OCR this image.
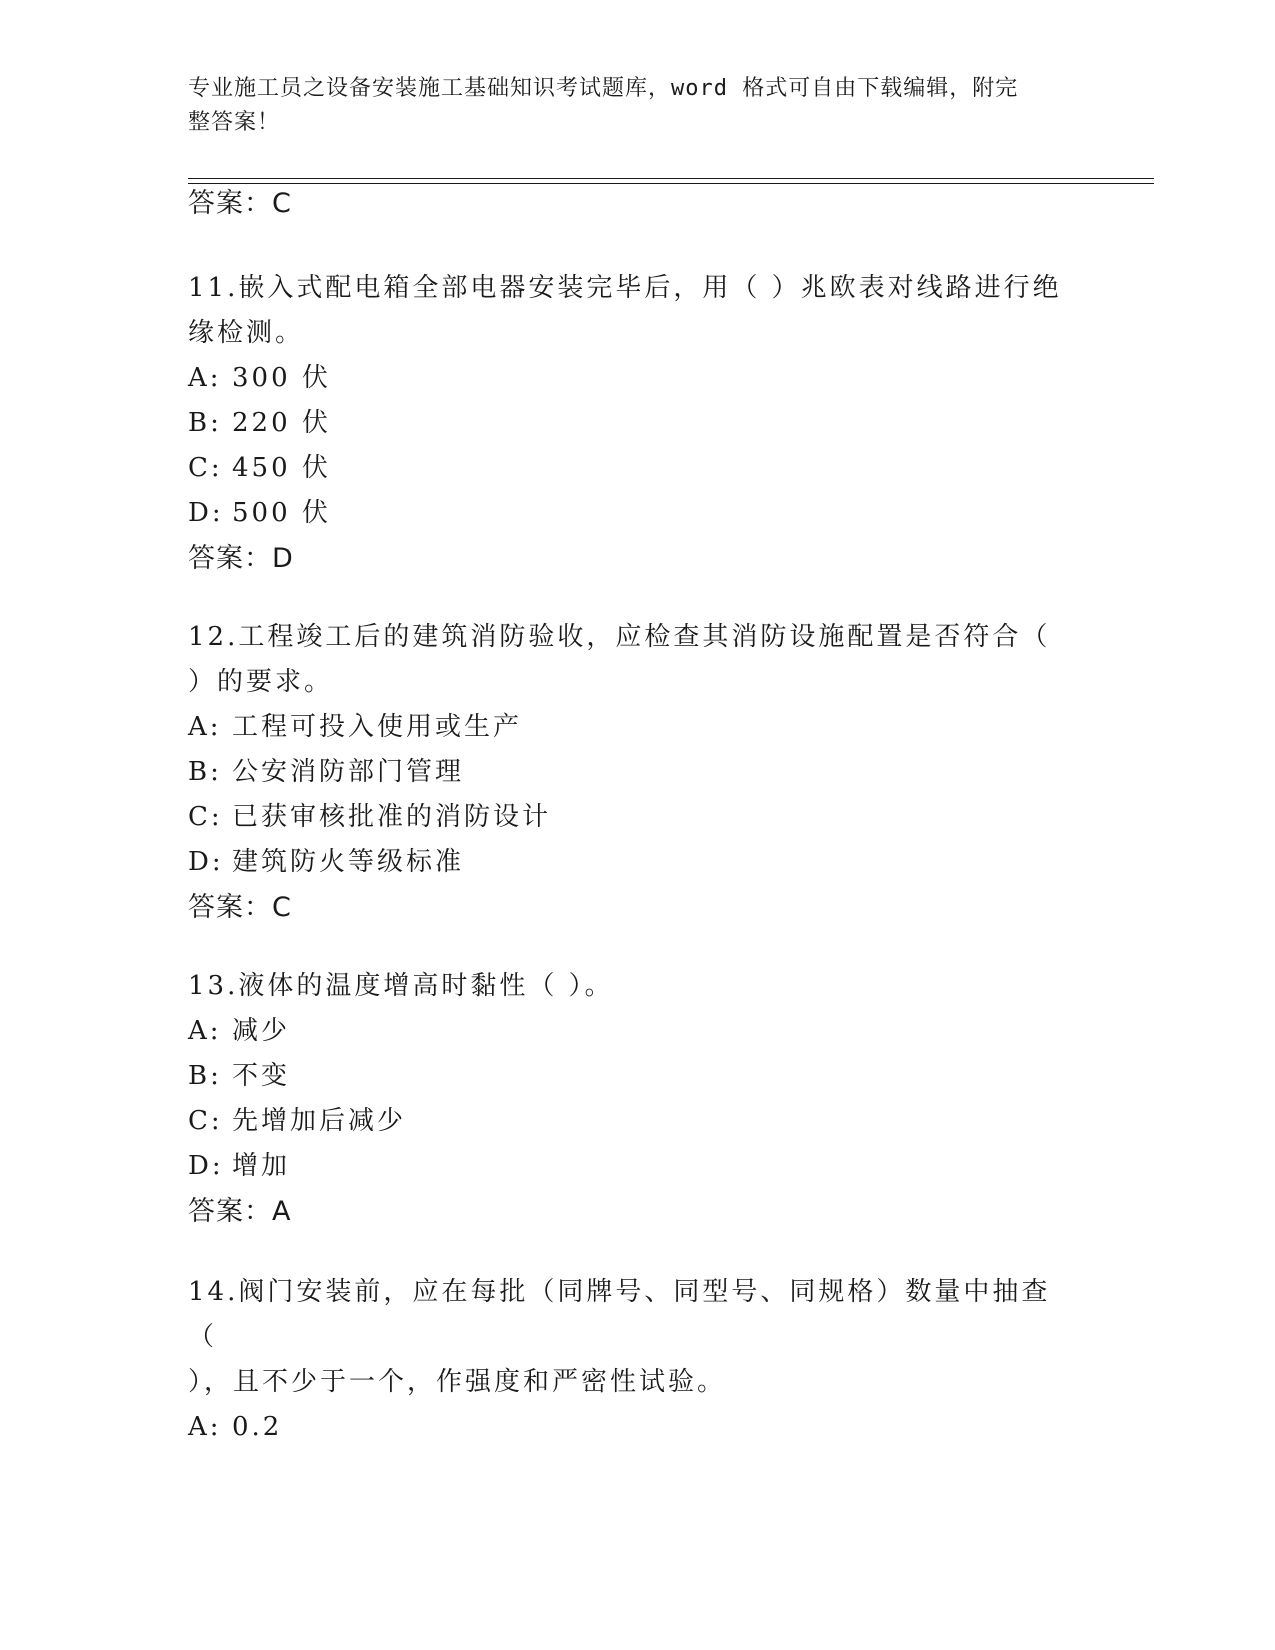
专业施工员之设备安装施工基础知识考试题库，word 格式可自由下载编辑，附完
整答案！
答案：C
11.嵌入式配电箱全部电器安装完毕后，用（ ）兆欧表对线路进行绝
缘检测。
A: 300 伏
B: 220 伏
C: 450 伏
D: 500 伏
答案：D
12.工程竣工后的建筑消防验收，应检查其消防设施配置是否符合（
）的要求。
A: 工程可投入使用或生产
B: 公安消防部门管理
C: 已获审核批准的消防设计
D: 建筑防火等级标准
答案：C
13.液体的温度增高时黏性（ ）。
A: 减少
B: 不变
C: 先增加后减少
D: 增加
答案：A
14.阀门安装前，应在每批（同牌号、同型号、同规格）数量中抽查（
），且不少于一个，作强度和严密性试验。
A: 0.2
